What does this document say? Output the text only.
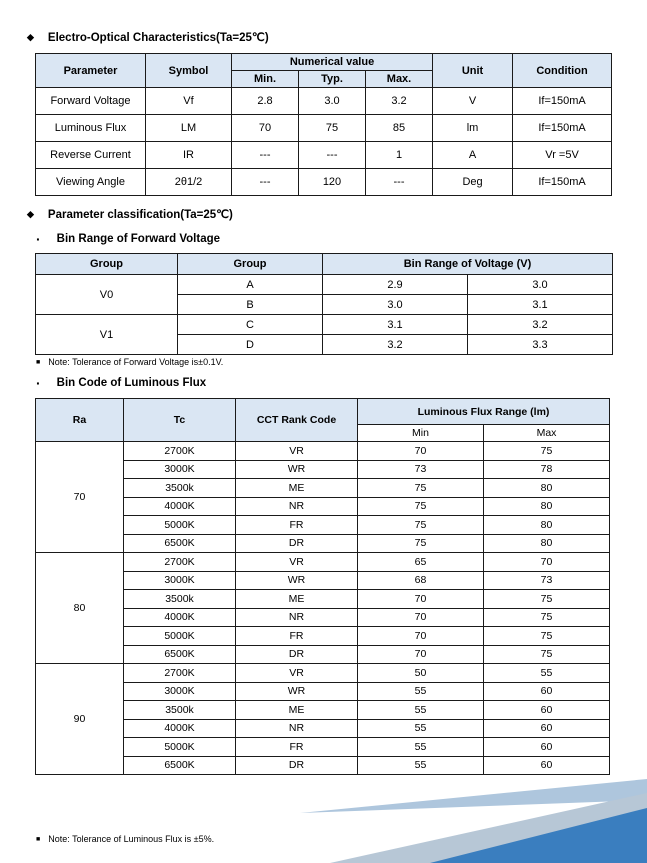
◆ Electro-Optical Characteristics(Ta=25℃)
Parameter	Symbol	Numerical value			Unit	Condition
		Min.	Typ.	Max.		
Forward Voltage	Vf	2.8	3.0	3.2	V	If=150mA
Luminous Flux	LM	70	75	85	lm	If=150mA
Reverse Current	IR	---	---	1	A	Vr =5V
Viewing Angle	2θ1/2	---	120	---	Deg	If=150mA
◆ Parameter classification(Ta=25℃)
· Bin Range of Forward Voltage
Group	Group	Bin Range of Voltage (V)	
V0	A	2.9	3.0
	B	3.0	3.1
V1	C	3.1	3.2
	D	3.2	3.3
■ Note: Tolerance of Forward Voltage is±0.1V.
· Bin Code of Luminous Flux
Ra	Tc	CCT Rank Code	Luminous Flux Range (lm)	
			Min	Max
70	2700K	VR	70	75
	3000K	WR	73	78
	3500k	ME	75	80
	4000K	NR	75	80
	5000K	FR	75	80
	6500K	DR	75	80
80	2700K	VR	65	70
	3000K	WR	68	73
	3500k	ME	70	75
	4000K	NR	70	75
	5000K	FR	70	75
	6500K	DR	70	75
90	2700K	VR	50	55
	3000K	WR	55	60
	3500k	ME	55	60
	4000K	NR	55	60
	5000K	FR	55	60
	6500K	DR	55	60
■ Note: Tolerance of Luminous Flux is ±5%.
